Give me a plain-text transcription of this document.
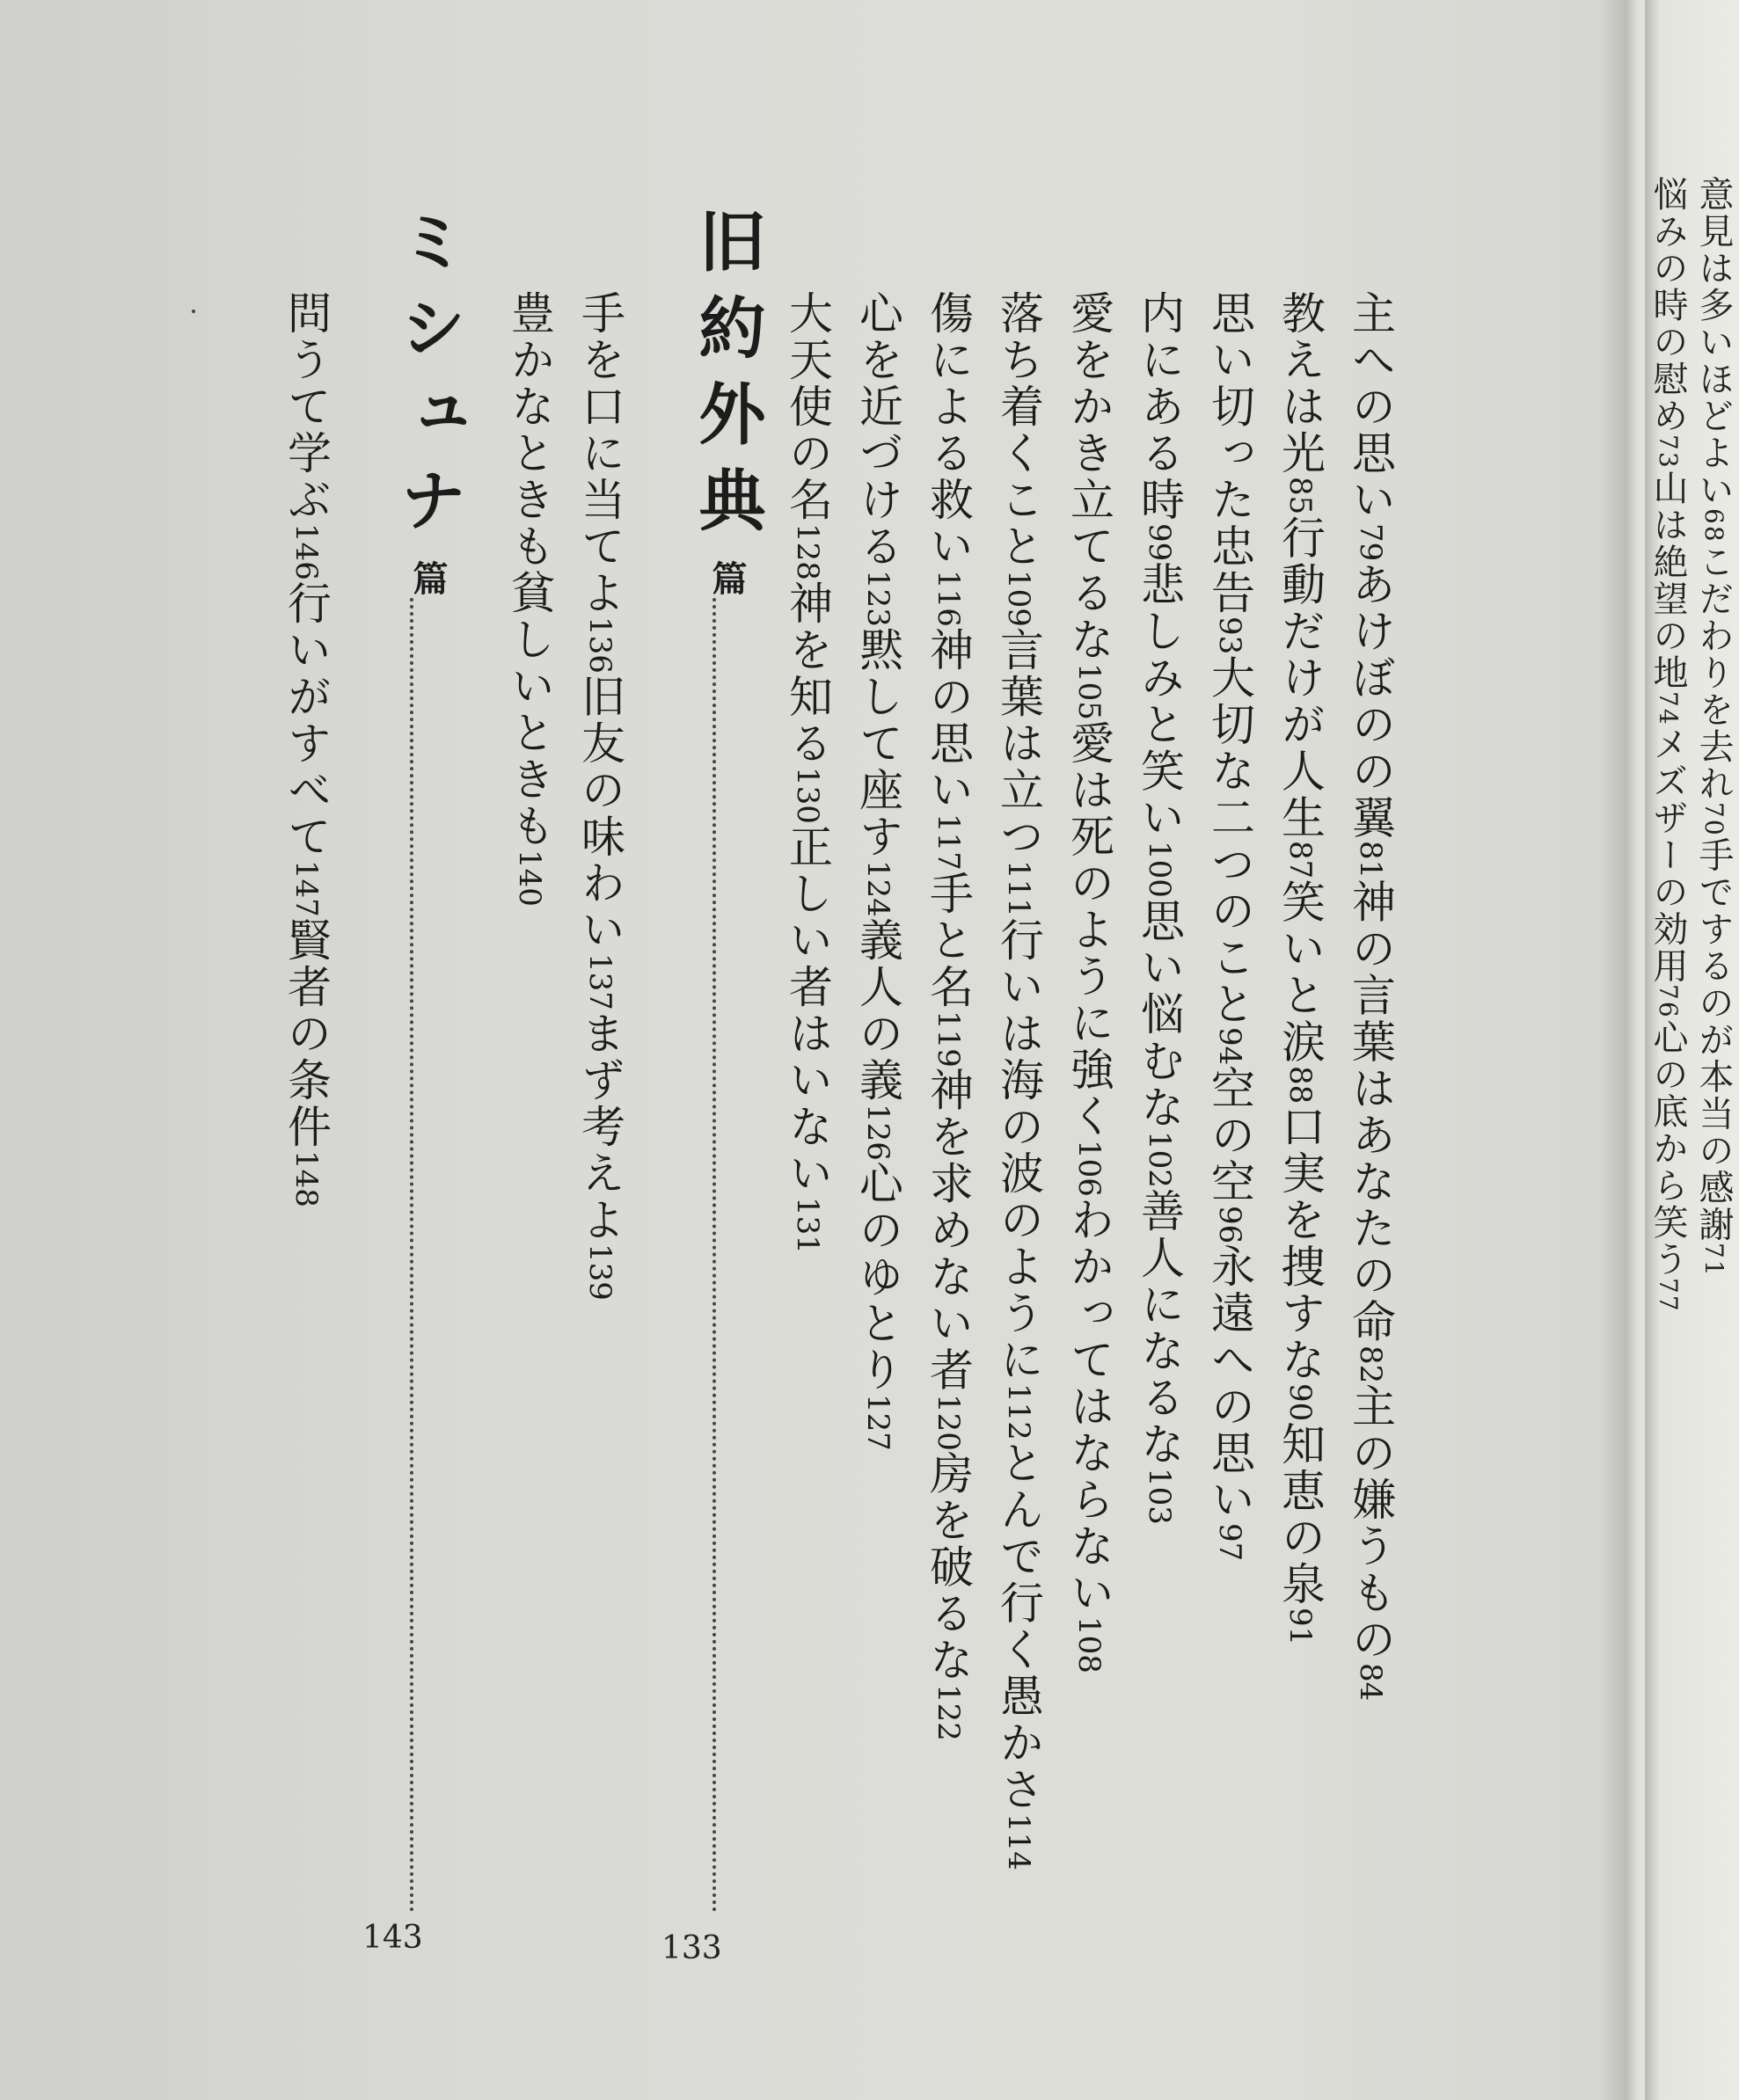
主への思い79あけぼのの翼81神の言葉はあなたの命82主の嫌うもの84
教えは光85行動だけが人生87笑いと涙88口実を捜すな90知恵の泉91
思い切った忠告93大切な二つのこと94空の空96永遠への思い97
内にある時99悲しみと笑い100思い悩むな102善人になるな103
愛をかき立てるな105愛は死のように強く106わかってはならない108
落ち着くこと109言葉は立つ111行いは海の波のように112とんで行く愚かさ114
傷による救い116神の思い117手と名119神を求めない者120房を破るな122
心を近づける123黙して座す124義人の義126心のゆとり127
大天使の名128神を知る130正しい者はいない131
旧約外典篇
133
手を口に当てよ136旧友の味わい137まず考えよ139
豊かなときも貧しいときも140
ミシュナ篇
143
問うて学ぶ146行いがすべて147賢者の条件148
意見は多いほどよい68こだわりを去れ70手でするのが本当の感謝71
悩みの時の慰め73山は絶望の地74メズザーの効用76心の底から笑う77
